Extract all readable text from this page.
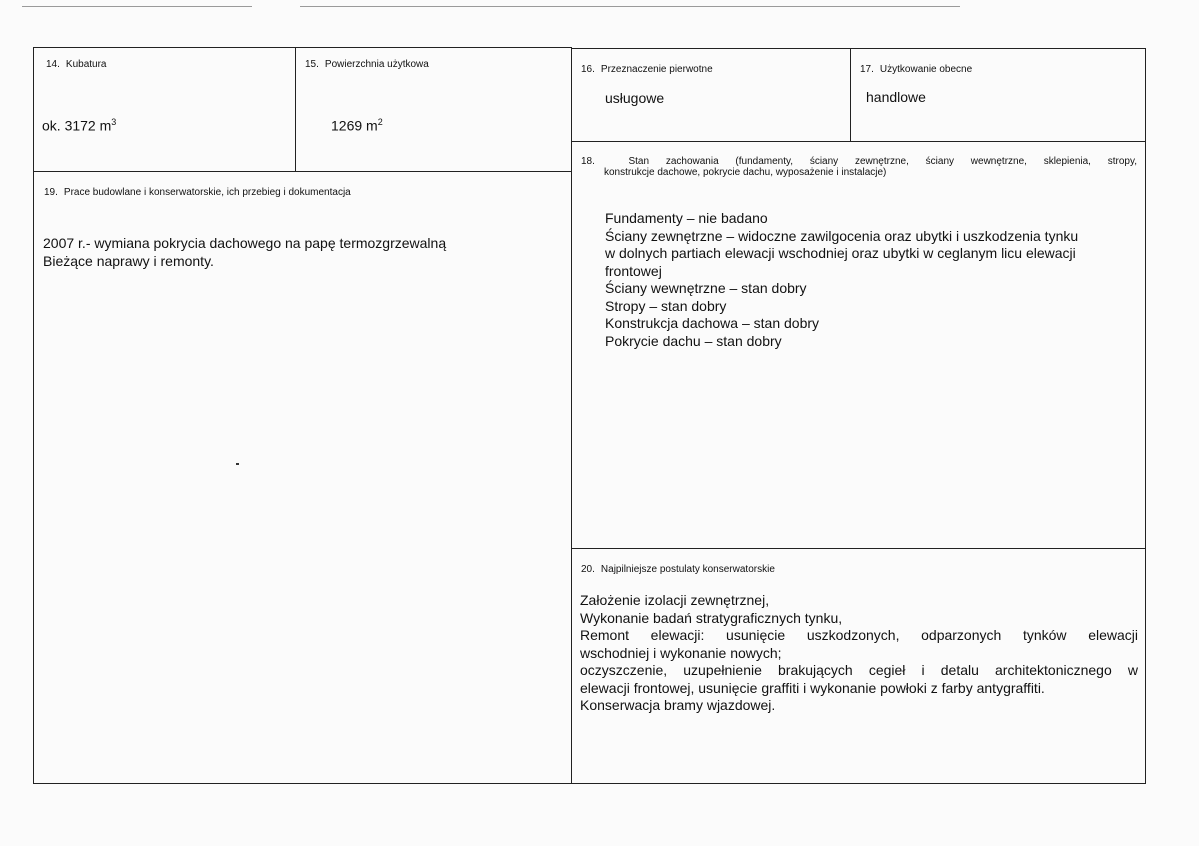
14. Kubatura
ok. 3172 $m^3$
15. Powierzchnia użytkowa
1269 $m^2$
16. Przeznaczenie pierwotne
usługowe
17. Użytkowanie obecne
handlowe
18.	Stan zachowania (fundamenty, ściany zewnętrzne, ściany wewnętrzne, sklepienia, stropy,
konstrukcje dachowe, pokrycie dachu, wyposażenie i instalacje)
Fundamenty – nie badano
Ściany zewnętrzne – widoczne zawilgocenia oraz ubytki i uszkodzenia tynku
w dolnych partiach elewacji wschodniej oraz ubytki w ceglanym licu elewacji
frontowej
Ściany wewnętrzne – stan dobry
Stropy – stan dobry
Konstrukcja dachowa – stan dobry
Pokrycie dachu – stan dobry
19. Prace budowlane i konserwatorskie, ich przebieg i dokumentacja
2007 r.- wymiana pokrycia dachowego na papę termozgrzewalną
Bieżące naprawy i remonty.
20. Najpilniejsze postulaty konserwatorskie
Założenie izolacji zewnętrznej,
Wykonanie badań stratygraficznych tynku,
Remont elewacji: usunięcie uszkodzonych, odparzonych tynków elewacji
wschodniej i wykonanie nowych;
oczyszczenie, uzupełnienie brakujących cegieł i detalu architektonicznego w
elewacji frontowej, usunięcie graffiti i wykonanie powłoki z farby antygraffiti.
Konserwacja bramy wjazdowej.
